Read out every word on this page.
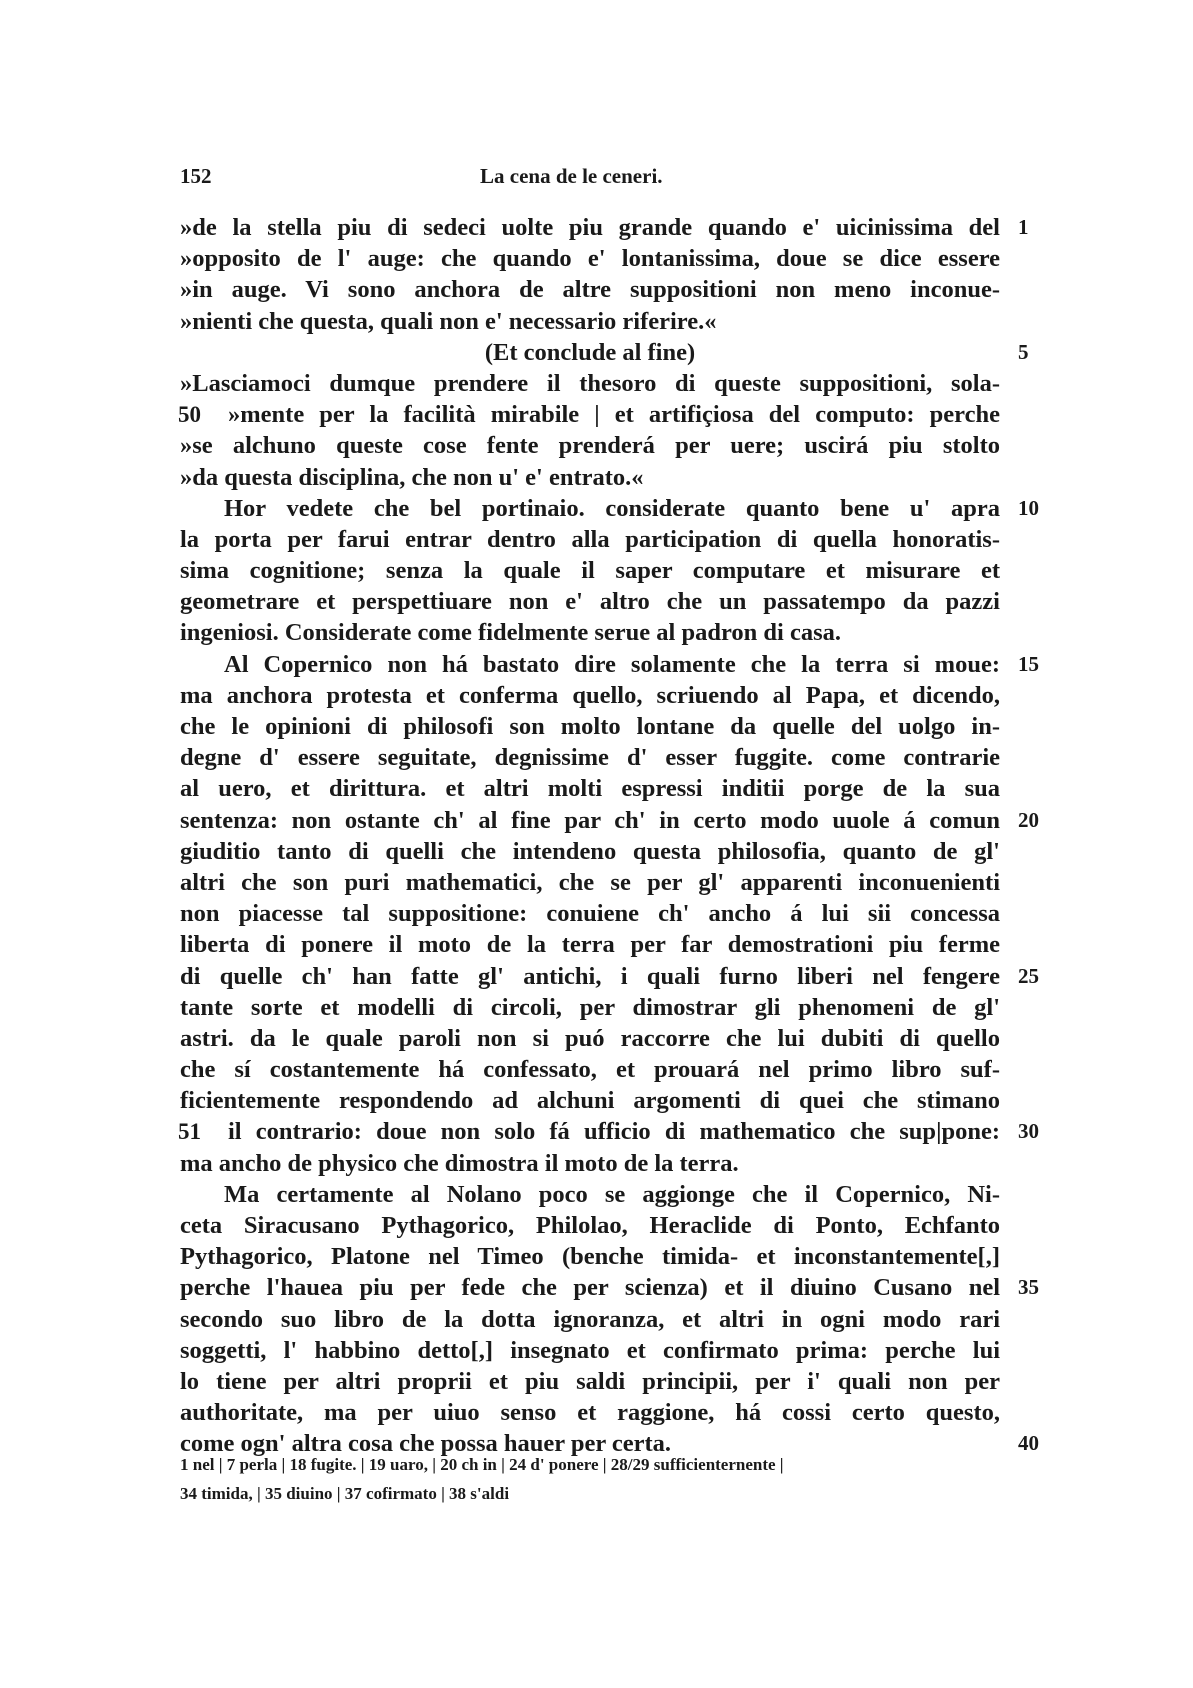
152	La cena de le ceneri.
»de la stella piu di sedeci uolte piu grande quando e' uicinissima del 1
»opposito de l' auge: che quando e' lontanissima, doue se dice essere
»in auge. Vi sono anchora de altre suppositioni non meno inconue-
»nienti che questa, quali non e' necessario riferire.«
(Et conclude al fine)	5
»Lasciamoci dumque prendere il thesoro di queste suppositioni, sola-
»mente per la facilità mirabile | et artifiçiosa del computo: perche
50
»se alchuno queste cose fente prenderá per uere; uscirá piu stolto
»da questa disciplina, che non u' e' entrato.«
Hor vedete che bel portinaio. considerate quanto bene u' apra 10
la porta per farui entrar dentro alla participation di quella honoratis-
sima cognitione; senza la quale il saper computare et misurare et
geometrare et perspettiuare non e' altro che un passatempo da pazzi
ingeniosi. Considerate come fidelmente serue al padron di casa.
Al Copernico non há bastato dire solamente che la terra si moue: 15
ma anchora protesta et conferma quello, scriuendo al Papa, et dicendo,
che le opinioni di philosofi son molto lontane da quelle del uolgo in-
degne d' essere seguitate, degnissime d' esser fuggite. come contrarie
al uero, et dirittura. et altri molti espressi inditii porge de la sua
sentenza: non ostante ch' al fine par ch' in certo modo uuole á comun 20
giuditio tanto di quelli che intendeno questa philosofia, quanto de gl'
altri che son puri mathematici, che se per gl' apparenti inconuenienti
non piacesse tal suppositione: conuiene ch' ancho á lui sii concessa
liberta di ponere il moto de la terra per far demostrationi piu ferme
di quelle ch' han fatte gl' antichi, i quali furno liberi nel fengere 25
tante sorte et modelli di circoli, per dimostrar gli phenomeni de gl'
astri. da le quale paroli non si puó raccorre che lui dubiti di quello
che sí costantemente há confessato, et prouará nel primo libro suf-
ficientemente respondendo ad alchuni argomenti di quei che stimano
il contrario: doue non solo fá ufficio di mathematico che sup|pone: 30
51
ma ancho de physico che dimostra il moto de la terra.
Ma certamente al Nolano poco se aggionge che il Copernico, Ni-
ceta Siracusano Pythagorico, Philolao, Heraclide di Ponto, Echfanto
Pythagorico, Platone nel Timeo (benche timida- et inconstantemente[,]
perche l'hauea piu per fede che per scienza) et il diuino Cusano nel 35
secondo suo libro de la dotta ignoranza, et altri in ogni modo rari
soggetti, l' habbino detto[,] insegnato et confirmato prima: perche lui
lo tiene per altri proprii et piu saldi principii, per i' quali non per
authoritate, ma per uiuo senso et raggione, há cossi certo questo,
come ogn' altra cosa che possa hauer per certa.	40
1 nel | 7 perla | 18 fugite. | 19 uaro, | 20 ch in | 24 d' ponere | 28/29 sufficienternente |
34 timida, | 35 diuino | 37 cofirmato | 38 s'aldi
